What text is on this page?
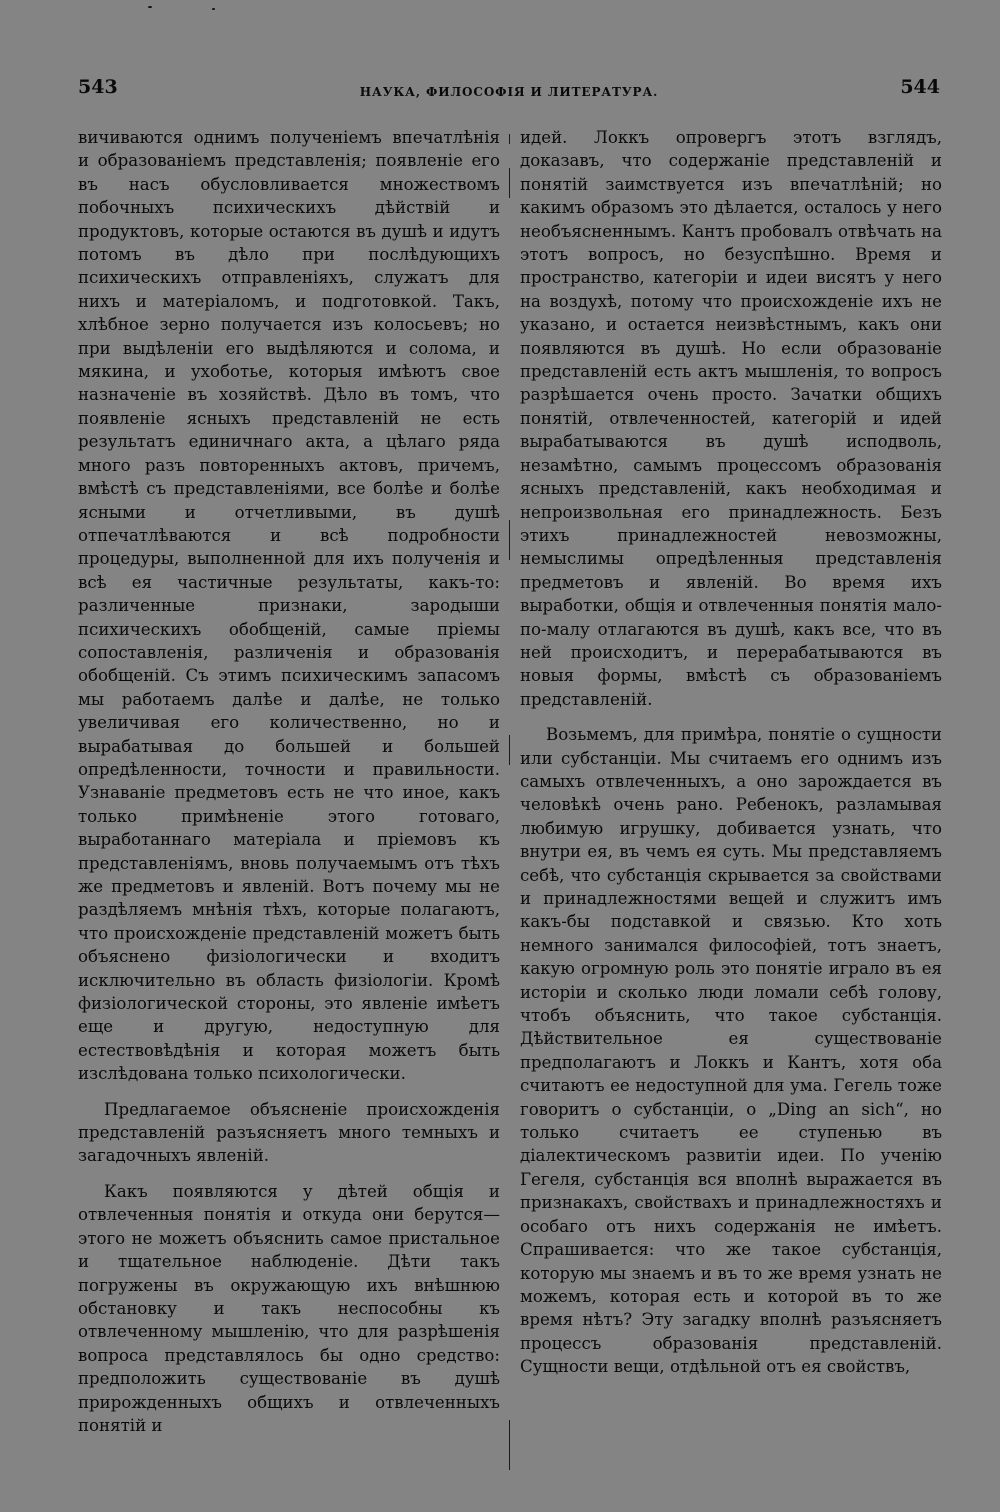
543	НАУКА, ФИЛОСОФІЯ И ЛИТЕРАТУРА.	544

вичиваются однимъ полученіемъ впечатлѣнія и образованіемъ представленія; появленіе его въ насъ обусловливается множествомъ побочныхъ психическихъ дѣйствій и продуктовъ, которые остаются въ душѣ и идутъ потомъ въ дѣло при послѣдующихъ психическихъ отправленіяхъ, служатъ для нихъ и матеріаломъ, и подготовкой. Такъ, хлѣбное зерно получается изъ колосьевъ; но при выдѣленіи его выдѣляются и солома, и мякина, и ухоботье, которыя имѣютъ свое назначеніе въ хозяйствѣ. Дѣло въ томъ, что появленіе ясныхъ представленій не есть результатъ единичнаго акта, а цѣлаго ряда много разъ повторенныхъ актовъ, причемъ, вмѣстѣ съ представленіями, все болѣе и болѣе ясными и отчетливыми, въ душѣ отпечатлѣваются и всѣ подробности процедуры, выполненной для ихъ полученія и всѣ ея частичные результаты, какъ-то: различенные признаки, зародыши психическихъ обобщеній, самые пріемы сопоставленія, различенія и образованія обобщеній. Съ этимъ психическимъ запасомъ мы работаемъ далѣе и далѣе, не только увеличивая его количественно, но и вырабатывая до большей и большей опредѣленности, точности и правильности. Узнаваніе предметовъ есть не что иное, какъ только примѣненіе этого готоваго, выработаннаго матеріала и пріемовъ къ представленіямъ, вновь получаемымъ отъ тѣхъ же предметовъ и явленій. Вотъ почему мы не раздѣляемъ мнѣнія тѣхъ, которые полагаютъ, что происхожденіе представленій можетъ быть объяснено физіологически и входитъ исключительно въ область физіологіи. Кромѣ физіологической стороны, это явленіе имѣетъ еще и другую, недоступную для естествовѣдѣнія и которая можетъ быть изслѣдована только психологически.

Предлагаемое объясненіе происхожденія представленій разъясняетъ много темныхъ и загадочныхъ явленій.

Какъ появляются у дѣтей общія и отвлеченныя понятія и откуда они берутся—этого не можетъ объяснить самое пристальное и тщательное наблюденіе. Дѣти такъ погружены въ окружающую ихъ внѣшнюю обстановку и такъ неспособны къ отвлеченному мышленію, что для разрѣшенія вопроса представлялось бы одно средство: предположить существованіе въ душѣ прирожденныхъ общихъ и отвлеченныхъ понятій и

идей. Локкъ опровергъ этотъ взглядъ, доказавъ, что содержаніе представленій и понятій заимствуется изъ впечатлѣній; но какимъ образомъ это дѣлается, осталось у него необъясненнымъ. Кантъ пробовалъ отвѣчать на этотъ вопросъ, но безуспѣшно. Время и пространство, категоріи и идеи висятъ у него на воздухѣ, потому что происхожденіе ихъ не указано, и остается неизвѣстнымъ, какъ они появляются въ душѣ. Но если образованіе представленій есть актъ мышленія, то вопросъ разрѣшается очень просто. Зачатки общихъ понятій, отвлеченностей, категорій и идей вырабатываются въ душѣ исподволь, незамѣтно, самымъ процессомъ образованія ясныхъ представленій, какъ необходимая и непроизвольная его принадлежность. Безъ этихъ принадлежностей невозможны, немыслимы опредѣленныя представленія предметовъ и явленій. Во время ихъ выработки, общія и отвлеченныя понятія мало-по-малу отлагаются въ душѣ, какъ все, что въ ней происходитъ, и перерабатываются въ новыя формы, вмѣстѣ съ образованіемъ представленій.

Возьмемъ, для примѣра, понятіе о сущности или субстанціи. Мы считаемъ его однимъ изъ самыхъ отвлеченныхъ, а оно зарождается въ человѣкѣ очень рано. Ребенокъ, разламывая любимую игрушку, добивается узнать, что внутри ея, въ чемъ ея суть. Мы представляемъ себѣ, что субстанція скрывается за свойствами и принадлежностями вещей и служитъ имъ какъ-бы подставкой и связью. Кто хоть немного занимался философіей, тотъ знаетъ, какую огромную роль это понятіе играло въ ея исторіи и сколько люди ломали себѣ голову, чтобъ объяснить, что такое субстанція. Дѣйствительное ея существованіе предполагаютъ и Локкъ и Кантъ, хотя оба считаютъ ее недоступной для ума. Гегель тоже говоритъ о субстанціи, о „Ding an sich“, но только считаетъ ее ступенью въ діалектическомъ развитіи идеи. По ученію Гегеля, субстанція вся вполнѣ выражается въ признакахъ, свойствахъ и принадлежностяхъ и особаго отъ нихъ содержанія не имѣетъ. Спрашивается: что же такое субстанція, которую мы знаемъ и въ то же время узнать не можемъ, которая есть и которой въ то же время нѣтъ? Эту загадку вполнѣ разъясняетъ процессъ образованія представленій. Сущности вещи, отдѣльной отъ ея свойствъ,
